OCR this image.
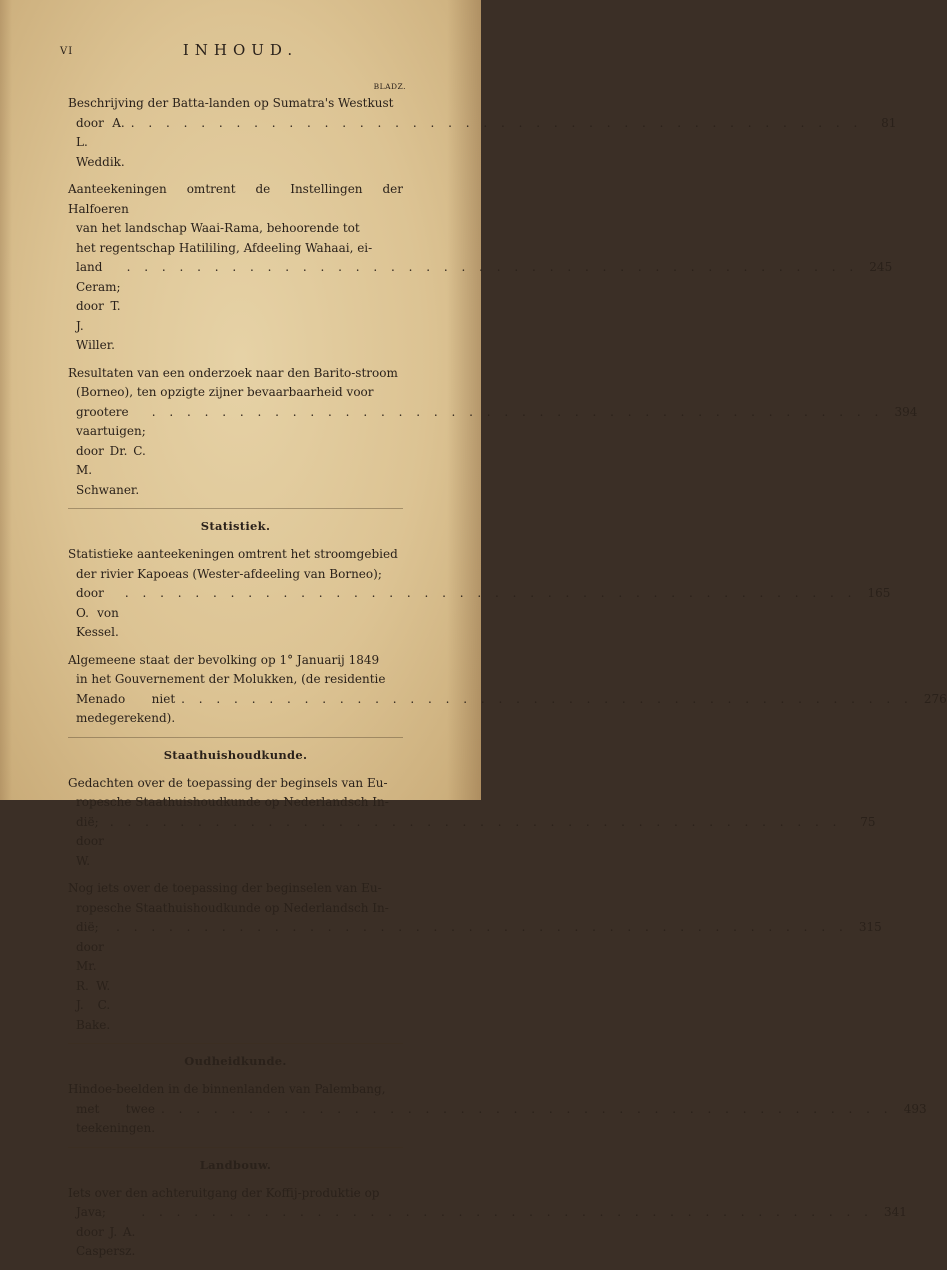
VI	INHOUD.
BLADZ.
Beschrijving der Batta-landen op Sumatra's Westkust
door A. L. Weddik.
. . .
81
Aanteekeningen omtrent de Instellingen der Halfoeren
van het landschap Waai-Rama, behoorende tot
het regentschap Hatililing, Afdeeling Wahaai, ei-
land Ceram; door T. J. Willer.
. . .
245
Resultaten van een onderzoek naar den Barito-stroom
(Borneo), ten opzigte zijner bevaarbaarheid voor
grootere vaartuigen; door Dr. C. M. Schwaner.
. . .
394
Statistiek.
Statistieke aanteekeningen omtrent het stroomgebied
der rivier Kapoeas (Wester-afdeeling van Borneo);
door O. von Kessel.
. . .
165
Algemeene staat der bevolking op 1° Januarij 1849
in het Gouvernement der Molukken, (de residentie
Menado niet medegerekend).
. . .
276
Staathuishoudkunde.
Gedachten over de toepassing der beginsels van Eu-
ropesche Staathuishoudkunde op Nederlandsch In-
dië; door W.
. . .
75
Nog iets over de toepassing der beginselen van Eu-
ropesche Staathuishoudkunde op Nederlandsch In-
dië; door Mr. R. W. J. C. Bake.
. . .
315
Oudheidkunde.
Hindoe-beelden in de binnenlanden van Palembang,
met twee teekeningen.
. . .
493
Landbouw.
Iets over den achteruitgang der Koffij-produktie op
Java; door J. A. Caspersz.
. . .
341
